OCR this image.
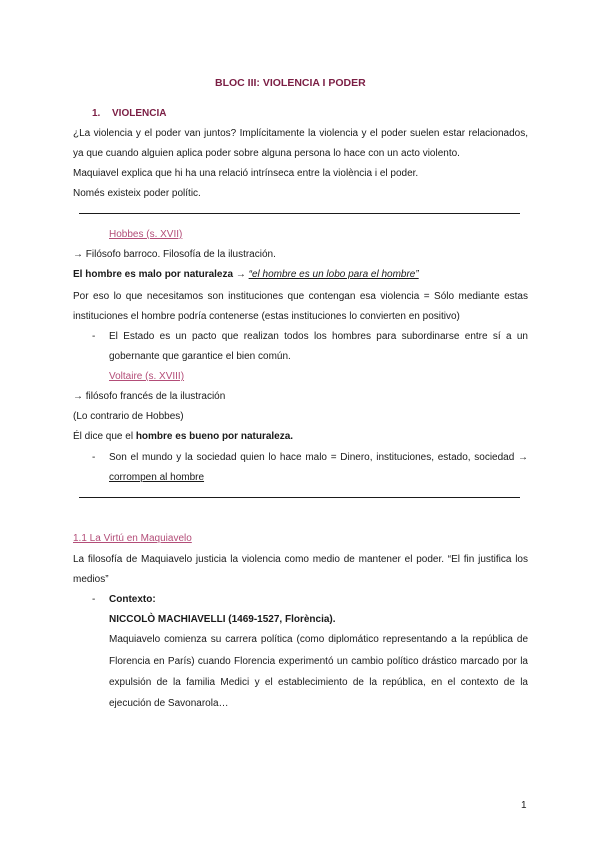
BLOC III: VIOLENCIA I PODER
1. VIOLENCIA
¿La violencia y el poder van juntos? Implícitamente la violencia y el poder suelen estar relacionados,
ya que cuando alguien aplica poder sobre alguna persona lo hace con un acto violento.
Maquiavel explica que hi ha una relació intrínseca entre la violència i el poder.
Només existeix poder polític.
Hobbes (s. XVII)
→ Filósofo barroco. Filosofía de la ilustración.
El hombre es malo por naturaleza → “el hombre es un lobo para el hombre”
Por eso lo que necesitamos son instituciones que contengan esa violencia = Sólo mediante estas
instituciones el hombre podría contenerse (estas instituciones lo convierten en positivo)
- El Estado es un pacto que realizan todos los hombres para subordinarse entre sí a un
gobernante que garantice el bien común.
Voltaire (s. XVIII)
→ filósofo francés de la ilustración
(Lo contrario de Hobbes)
Él dice que el hombre es bueno por naturaleza.
- Son el mundo y la sociedad quien lo hace malo = Dinero, instituciones, estado, sociedad →
corrompen al hombre
1.1 La Virtú en Maquiavelo
La filosofía de Maquiavelo justicia la violencia como medio de mantener el poder. “El fin justifica los
medios”
- Contexto:
NICCOLÒ MACHIAVELLI (1469-1527, Florència).
Maquiavelo comienza su carrera política (como diplomático representando a la república de
Florencia en París) cuando Florencia experimentó un cambio político drástico marcado por la
expulsión de la familia Medici y el establecimiento de la república, en el contexto de la
ejecución de Savonarola…
1
